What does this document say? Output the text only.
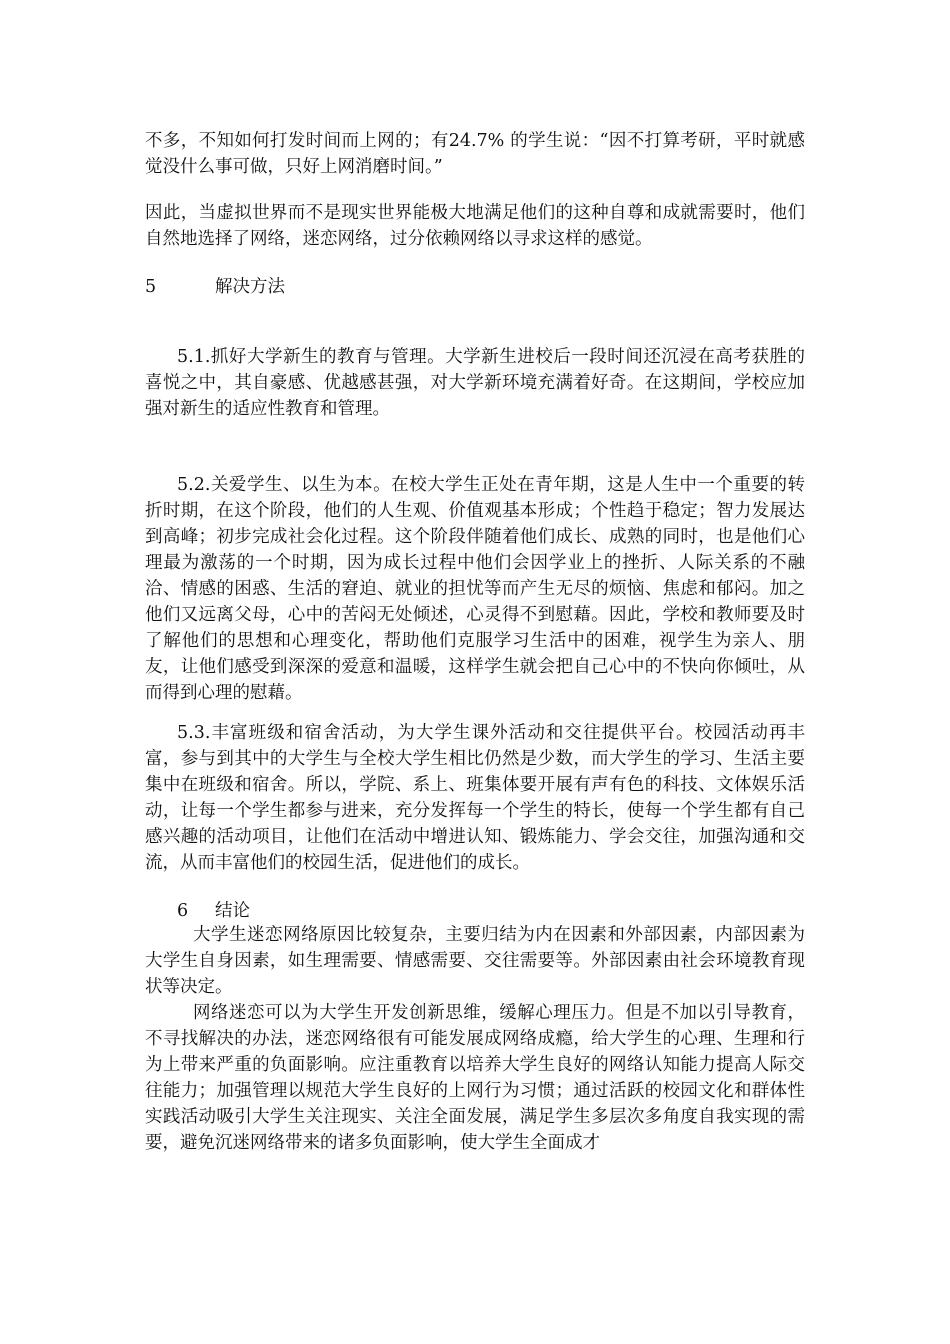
不多，不知如何打发时间而上网的；有24.7% 的学生说：“因不打算考研，平时就感觉没什么事可做，只好上网消磨时间。”

因此，当虚拟世界而不是现实世界能极大地满足他们的这种自尊和成就需要时，他们自然地选择了网络，迷恋网络，过分依赖网络以寻求这样的感觉。

5	解决方法

5.1.抓好大学新生的教育与管理。大学新生进校后一段时间还沉浸在高考获胜的喜悦之中，其自豪感、优越感甚强，对大学新环境充满着好奇。在这期间，学校应加强对新生的适应性教育和管理。

5.2.关爱学生、以生为本。在校大学生正处在青年期，这是人生中一个重要的转折时期，在这个阶段，他们的人生观、价值观基本形成；个性趋于稳定；智力发展达到高峰；初步完成社会化过程。这个阶段伴随着他们成长、成熟的同时，也是他们心理最为激荡的一个时期，因为成长过程中他们会因学业上的挫折、人际关系的不融洽、情感的困惑、生活的窘迫、就业的担忧等而产生无尽的烦恼、焦虑和郁闷。加之他们又远离父母，心中的苦闷无处倾述，心灵得不到慰藉。因此，学校和教师要及时了解他们的思想和心理变化，帮助他们克服学习生活中的困难，视学生为亲人、朋友，让他们感受到深深的爱意和温暖，这样学生就会把自己心中的不快向你倾吐，从而得到心理的慰藉。

5.3.丰富班级和宿舍活动，为大学生课外活动和交往提供平台。校园活动再丰富，参与到其中的大学生与全校大学生相比仍然是少数，而大学生的学习、生活主要集中在班级和宿舍。所以，学院、系上、班集体要开展有声有色的科技、文体娱乐活动，让每一个学生都参与进来，充分发挥每一个学生的特长，使每一个学生都有自己感兴趣的活动项目，让他们在活动中增进认知、锻炼能力、学会交往，加强沟通和交流，从而丰富他们的校园生活，促进他们的成长。

6 结论

大学生迷恋网络原因比较复杂，主要归结为内在因素和外部因素，内部因素为大学生自身因素，如生理需要、情感需要、交往需要等。外部因素由社会环境教育现状等决定。

网络迷恋可以为大学生开发创新思维，缓解心理压力。但是不加以引导教育，不寻找解决的办法，迷恋网络很有可能发展成网络成瘾，给大学生的心理、生理和行为上带来严重的负面影响。应注重教育以培养大学生良好的网络认知能力提高人际交往能力；加强管理以规范大学生良好的上网行为习惯；通过活跃的校园文化和群体性实践活动吸引大学生关注现实、关注全面发展，满足学生多层次多角度自我实现的需要，避免沉迷网络带来的诸多负面影响，使大学生全面成才
